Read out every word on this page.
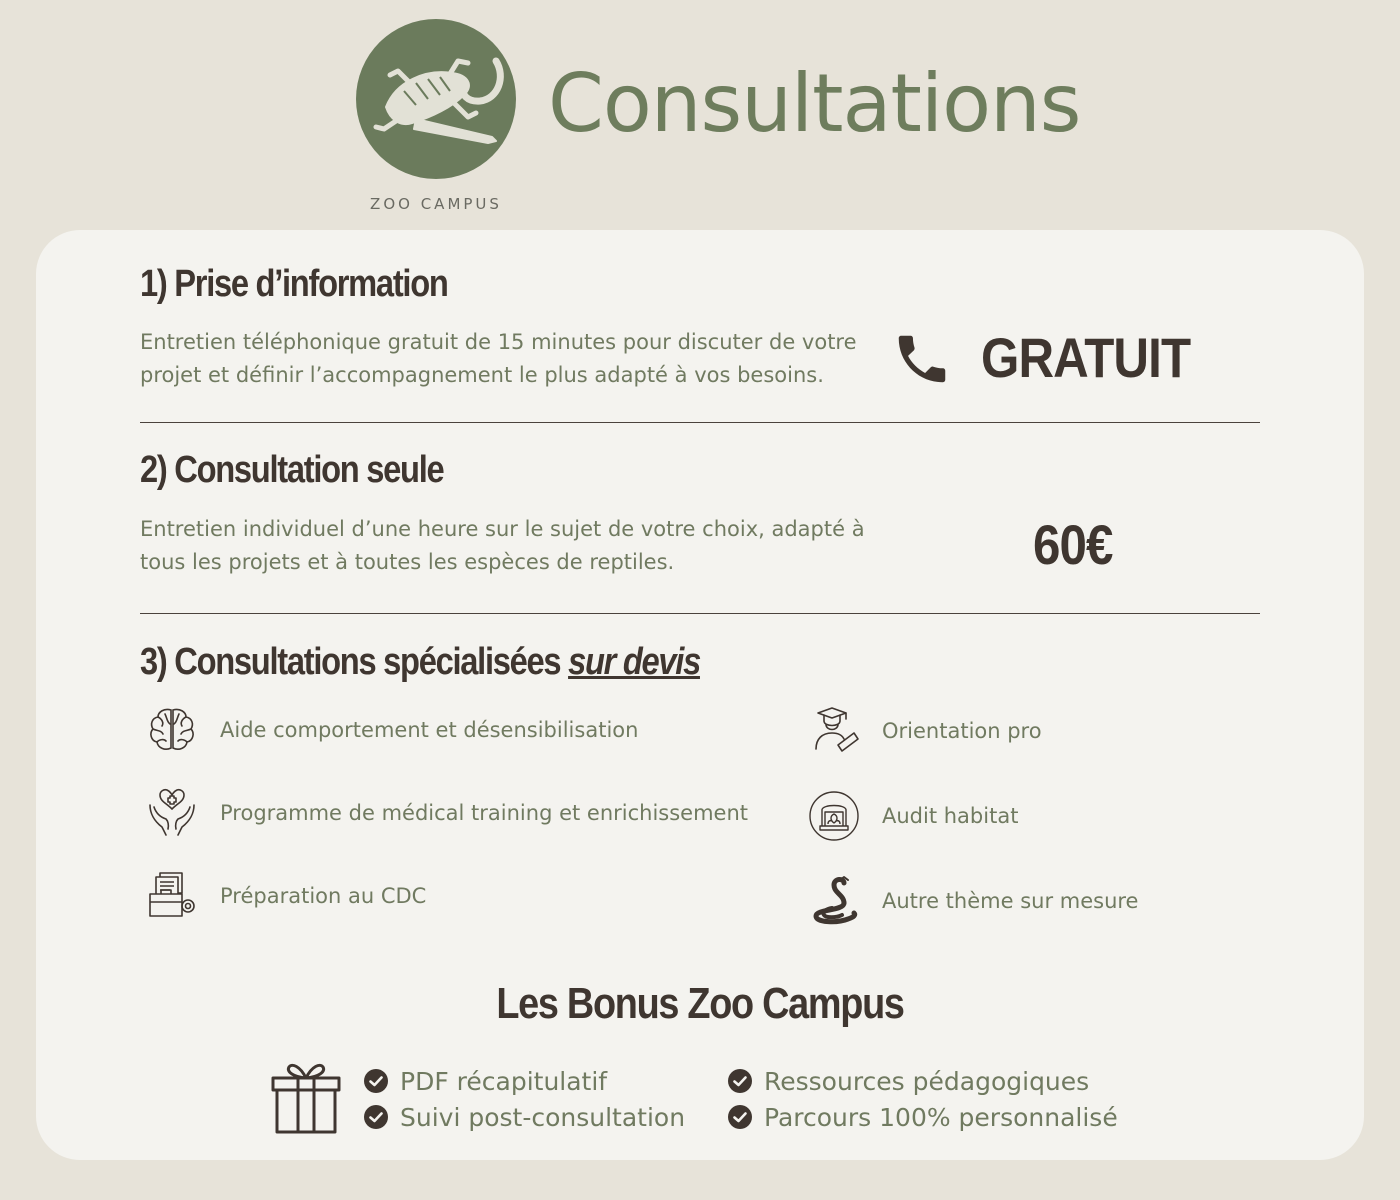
ZOO CAMPUS
Consultations
1) Prise d’information

Entretien téléphonique gratuit de 15 minutes pour discuter de votre projet et définir l’accompagnement le plus adapté à vos besoins.	GRATUIT
2) Consultation seule

Entretien individuel d’une heure sur le sujet de votre choix, adapté à tous les projets et à toutes les espèces de reptiles.	60€
3) Consultations spécialisées sur devis
Aide comportement et désensibilisation
Programme de médical training et enrichissement
Préparation au CDC
Orientation pro
Audit habitat
Autre thème sur mesure
Les Bonus Zoo Campus
PDF récapitulatif
Suivi post-consultation
Ressources pédagogiques
Parcours 100% personnalisé
